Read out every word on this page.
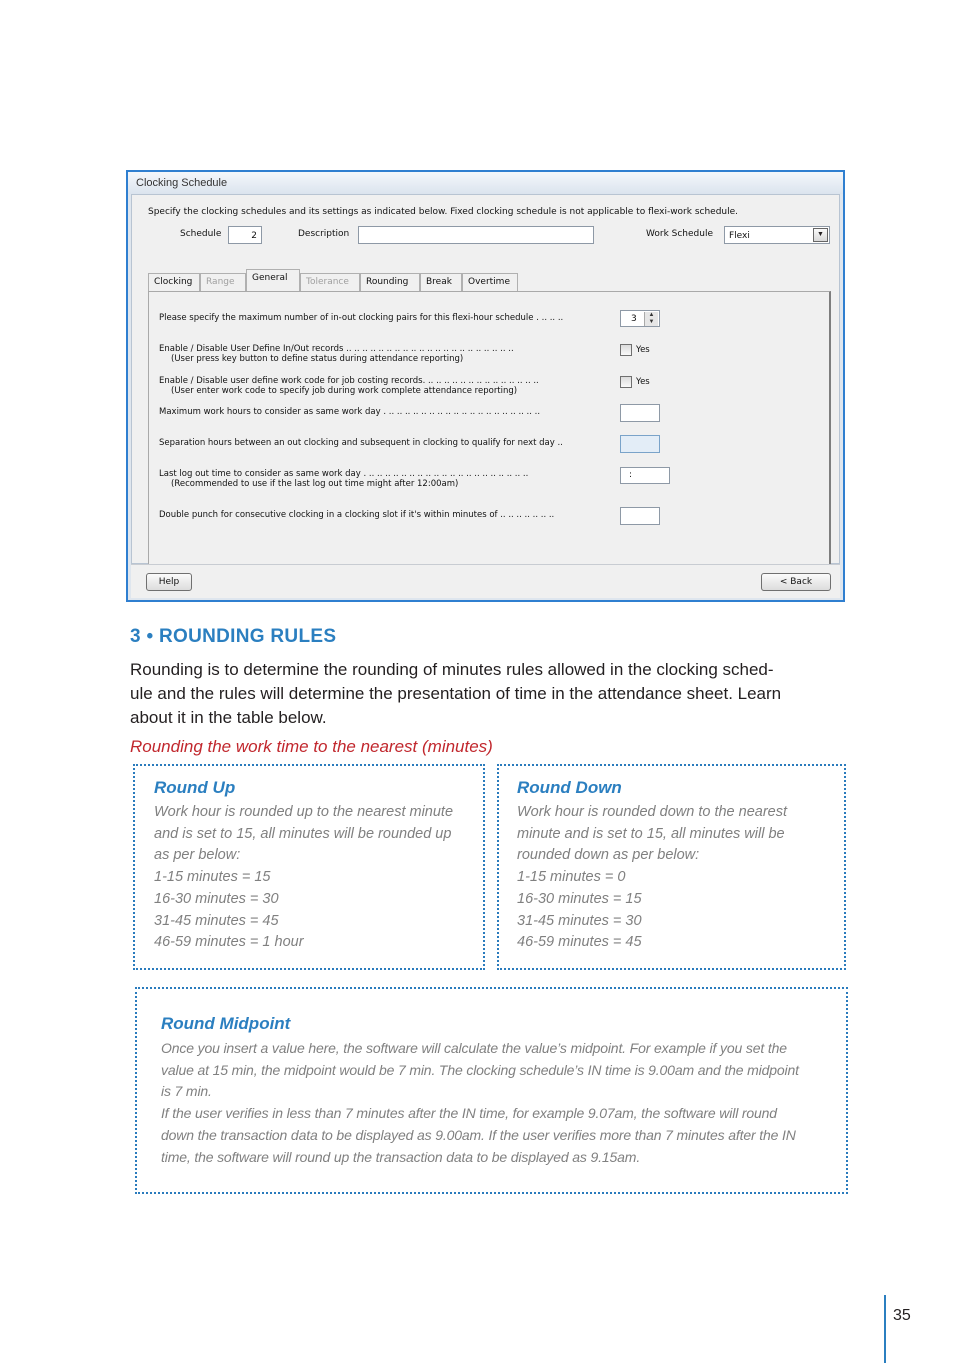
Clocking Schedule
Specify the clocking schedules and its settings as indicated below. Fixed clocking schedule is not applicable to flexi-work schedule.
Schedule	2	Description	Work Schedule Flexi	▼
Clocking	Range	General	Tolerance	Rounding	Break	Overtime
Please specify the maximum number of in-out clocking pairs for this flexi-hour schedule . .. .. ..	3	▲
▼
Enable / Disable User Define In/Out records .. .. .. .. .. .. .. .. .. .. .. .. .. .. .. .. .. .. .. .. ..
(User press key button to define status during attendance reporting)
Yes
Enable / Disable user define work code for job costing records. .. .. .. .. .. .. .. .. .. .. .. .. .. ..
(User enter work code to specify job during work complete attendance reporting)
Yes
Maximum work hours to consider as same work day . .. .. .. .. .. .. .. .. .. .. .. .. .. .. .. .. .. .. ..
Separation hours between an out clocking and subsequent in clocking to qualify for next day ..
Last log out time to consider as same work day . .. .. .. .. .. .. .. .. .. .. .. .. .. .. .. .. .. .. .. ..
(Recommended to use if the last log out time might after 12:00am)
:
Double punch for consecutive clocking in a clocking slot if it's within minutes of .. .. .. .. .. .. ..
Help	< Back
3 • ROUNDING RULES
Rounding is to determine the rounding of minutes rules allowed in the clocking sched-
ule and the rules will determine the presentation of time in the attendance sheet. Learn
about it in the table below.
Rounding the work time to the nearest (minutes)
Round Up
Work hour is rounded up to the nearest minute
and is set to 15, all minutes will be rounded up
as per below:
1-15 minutes = 15
16-30 minutes = 30
31-45 minutes = 45
46-59 minutes = 1 hour
Round Down
Work hour is rounded down to the nearest
minute and is set to 15, all minutes will be
rounded down as per below:
1-15 minutes = 0
16-30 minutes = 15
31-45 minutes = 30
46-59 minutes = 45
Round Midpoint
Once you insert a value here, the software will calculate the value’s midpoint. For example if you set the
value at 15 min, the midpoint would be 7 min. The clocking schedule’s IN time is 9.00am and the midpoint
is 7 min.
If the user verifies in less than 7 minutes after the IN time, for example 9.07am, the software will round
down the transaction data to be displayed as 9.00am. If the user verifies more than 7 minutes after the IN
time, the software will round up the transaction data to be displayed as 9.15am.
35
